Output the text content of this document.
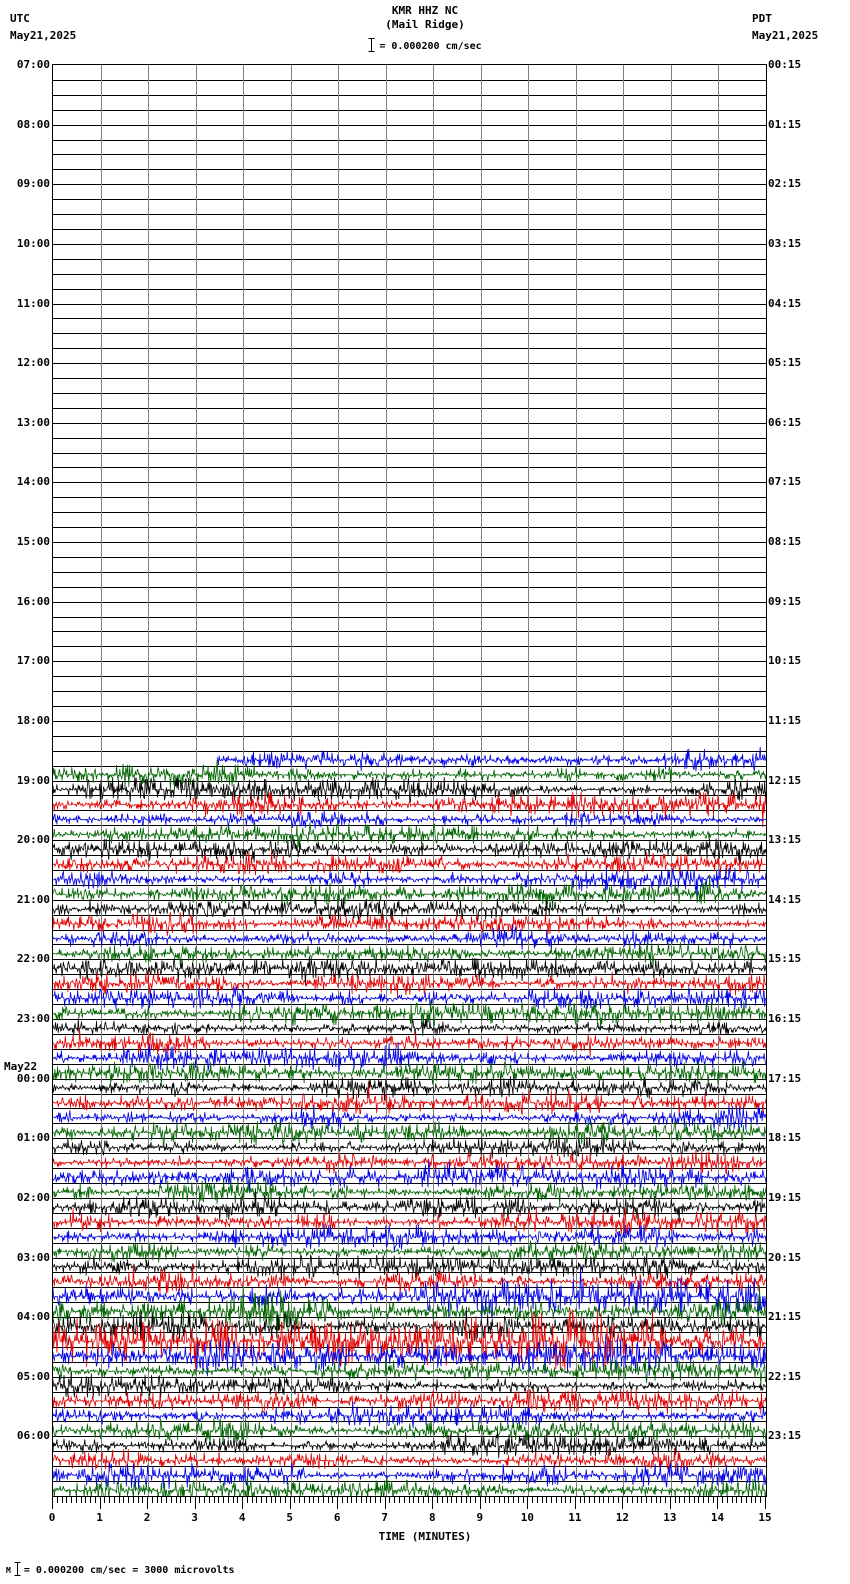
UTC
May21,2025
KMR HHZ NC
(Mail Ridge)
= 0.000200 cm/sec
PDT
May21,2025
07:00
08:00
09:00
10:00
11:00
12:00
13:00
14:00
15:00
16:00
17:00
18:00
19:00
20:00
21:00
22:00
23:00
00:00
May22
01:00
02:00
03:00
04:00
05:00
06:00
00:15
01:15
02:15
03:15
04:15
05:15
06:15
07:15
08:15
09:15
10:15
11:15
12:15
13:15
14:15
15:15
16:15
17:15
18:15
19:15
20:15
21:15
22:15
23:15
0	1	2	3	4	5	6	7	8	9	10	11	12	13	14	15
TIME (MINUTES)
M = 0.000200 cm/sec = 3000 microvolts
